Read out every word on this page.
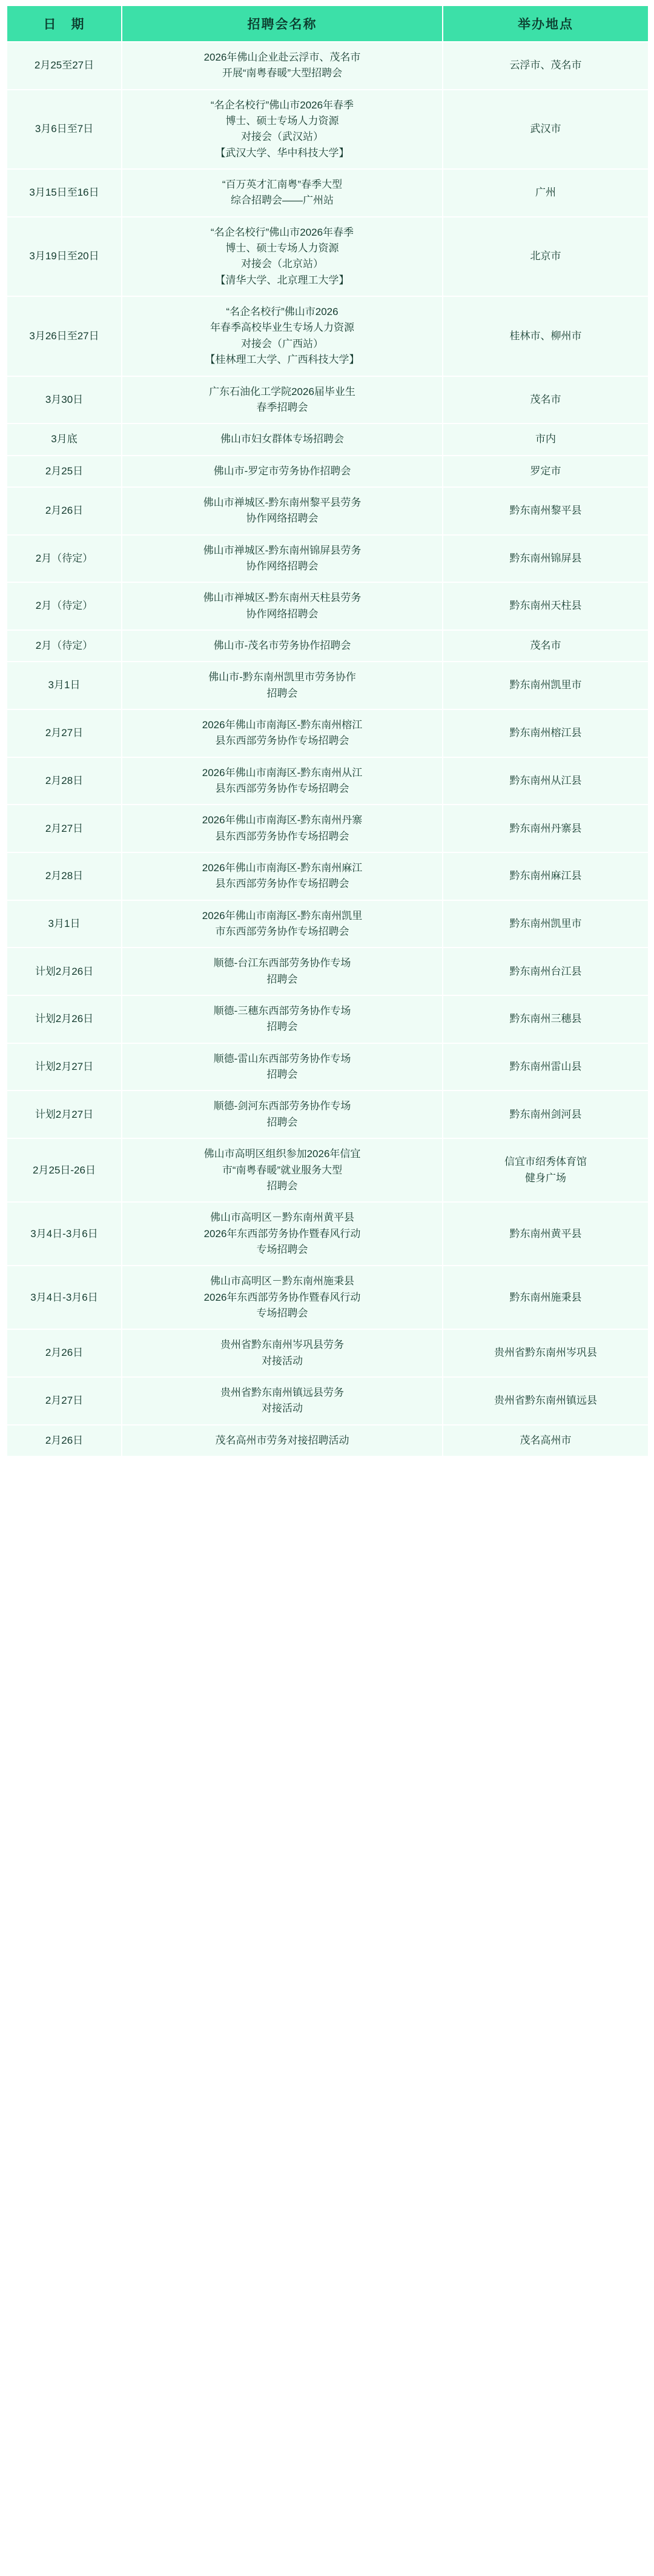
日　期	招聘会名称	举办地点

2月25至27日	2026年佛山企业赴云浮市、茂名市
开展“南粤春暖”大型招聘会	云浮市、茂名市

3月6日至7日	“名企名校行”佛山市2026年春季
博士、硕士专场人力资源
对接会（武汉站）
【武汉大学、华中科技大学】	武汉市

3月15日至16日	“百万英才汇南粤”春季大型
综合招聘会——广州站	广州

3月19日至20日	“名企名校行”佛山市2026年春季
博士、硕士专场人力资源
对接会（北京站）
【清华大学、北京理工大学】	北京市

3月26日至27日	“名企名校行”佛山市2026
年春季高校毕业生专场人力资源
对接会（广西站）
【桂林理工大学、广西科技大学】	桂林市、柳州市

3月30日	广东石油化工学院2026届毕业生
春季招聘会	茂名市

3月底	佛山市妇女群体专场招聘会	市内

2月25日	佛山市-罗定市劳务协作招聘会	罗定市

2月26日	佛山市禅城区-黔东南州黎平县劳务
协作网络招聘会	黔东南州黎平县

2月（待定）	佛山市禅城区-黔东南州锦屏县劳务
协作网络招聘会	黔东南州锦屏县

2月（待定）	佛山市禅城区-黔东南州天柱县劳务
协作网络招聘会	黔东南州天柱县

2月（待定）	佛山市-茂名市劳务协作招聘会	茂名市

3月1日	佛山市-黔东南州凯里市劳务协作
招聘会	黔东南州凯里市

2月27日	2026年佛山市南海区-黔东南州榕江
县东西部劳务协作专场招聘会	黔东南州榕江县

2月28日	2026年佛山市南海区-黔东南州从江
县东西部劳务协作专场招聘会	黔东南州从江县

2月27日	2026年佛山市南海区-黔东南州丹寨
县东西部劳务协作专场招聘会	黔东南州丹寨县

2月28日	2026年佛山市南海区-黔东南州麻江
县东西部劳务协作专场招聘会	黔东南州麻江县

3月1日	2026年佛山市南海区-黔东南州凯里
市东西部劳务协作专场招聘会	黔东南州凯里市

计划2月26日	顺德-台江东西部劳务协作专场
招聘会	黔东南州台江县

计划2月26日	顺德-三穗东西部劳务协作专场
招聘会	黔东南州三穗县

计划2月27日	顺德-雷山东西部劳务协作专场
招聘会	黔东南州雷山县

计划2月27日	顺德-剑河东西部劳务协作专场
招聘会	黔东南州剑河县

2月25日-26日	佛山市高明区组织参加2026年信宜
市“南粤春暖”就业服务大型
招聘会	信宜市绍秀体育馆
健身广场

3月4日-3月6日	佛山市高明区－黔东南州黄平县
2026年东西部劳务协作暨春风行动
专场招聘会	黔东南州黄平县

3月4日-3月6日	佛山市高明区－黔东南州施秉县
2026年东西部劳务协作暨春风行动
专场招聘会	黔东南州施秉县

2月26日	贵州省黔东南州岑巩县劳务
对接活动	贵州省黔东南州岑巩县

2月27日	贵州省黔东南州镇远县劳务
对接活动	贵州省黔东南州镇远县

2月26日	茂名高州市劳务对接招聘活动	茂名高州市
